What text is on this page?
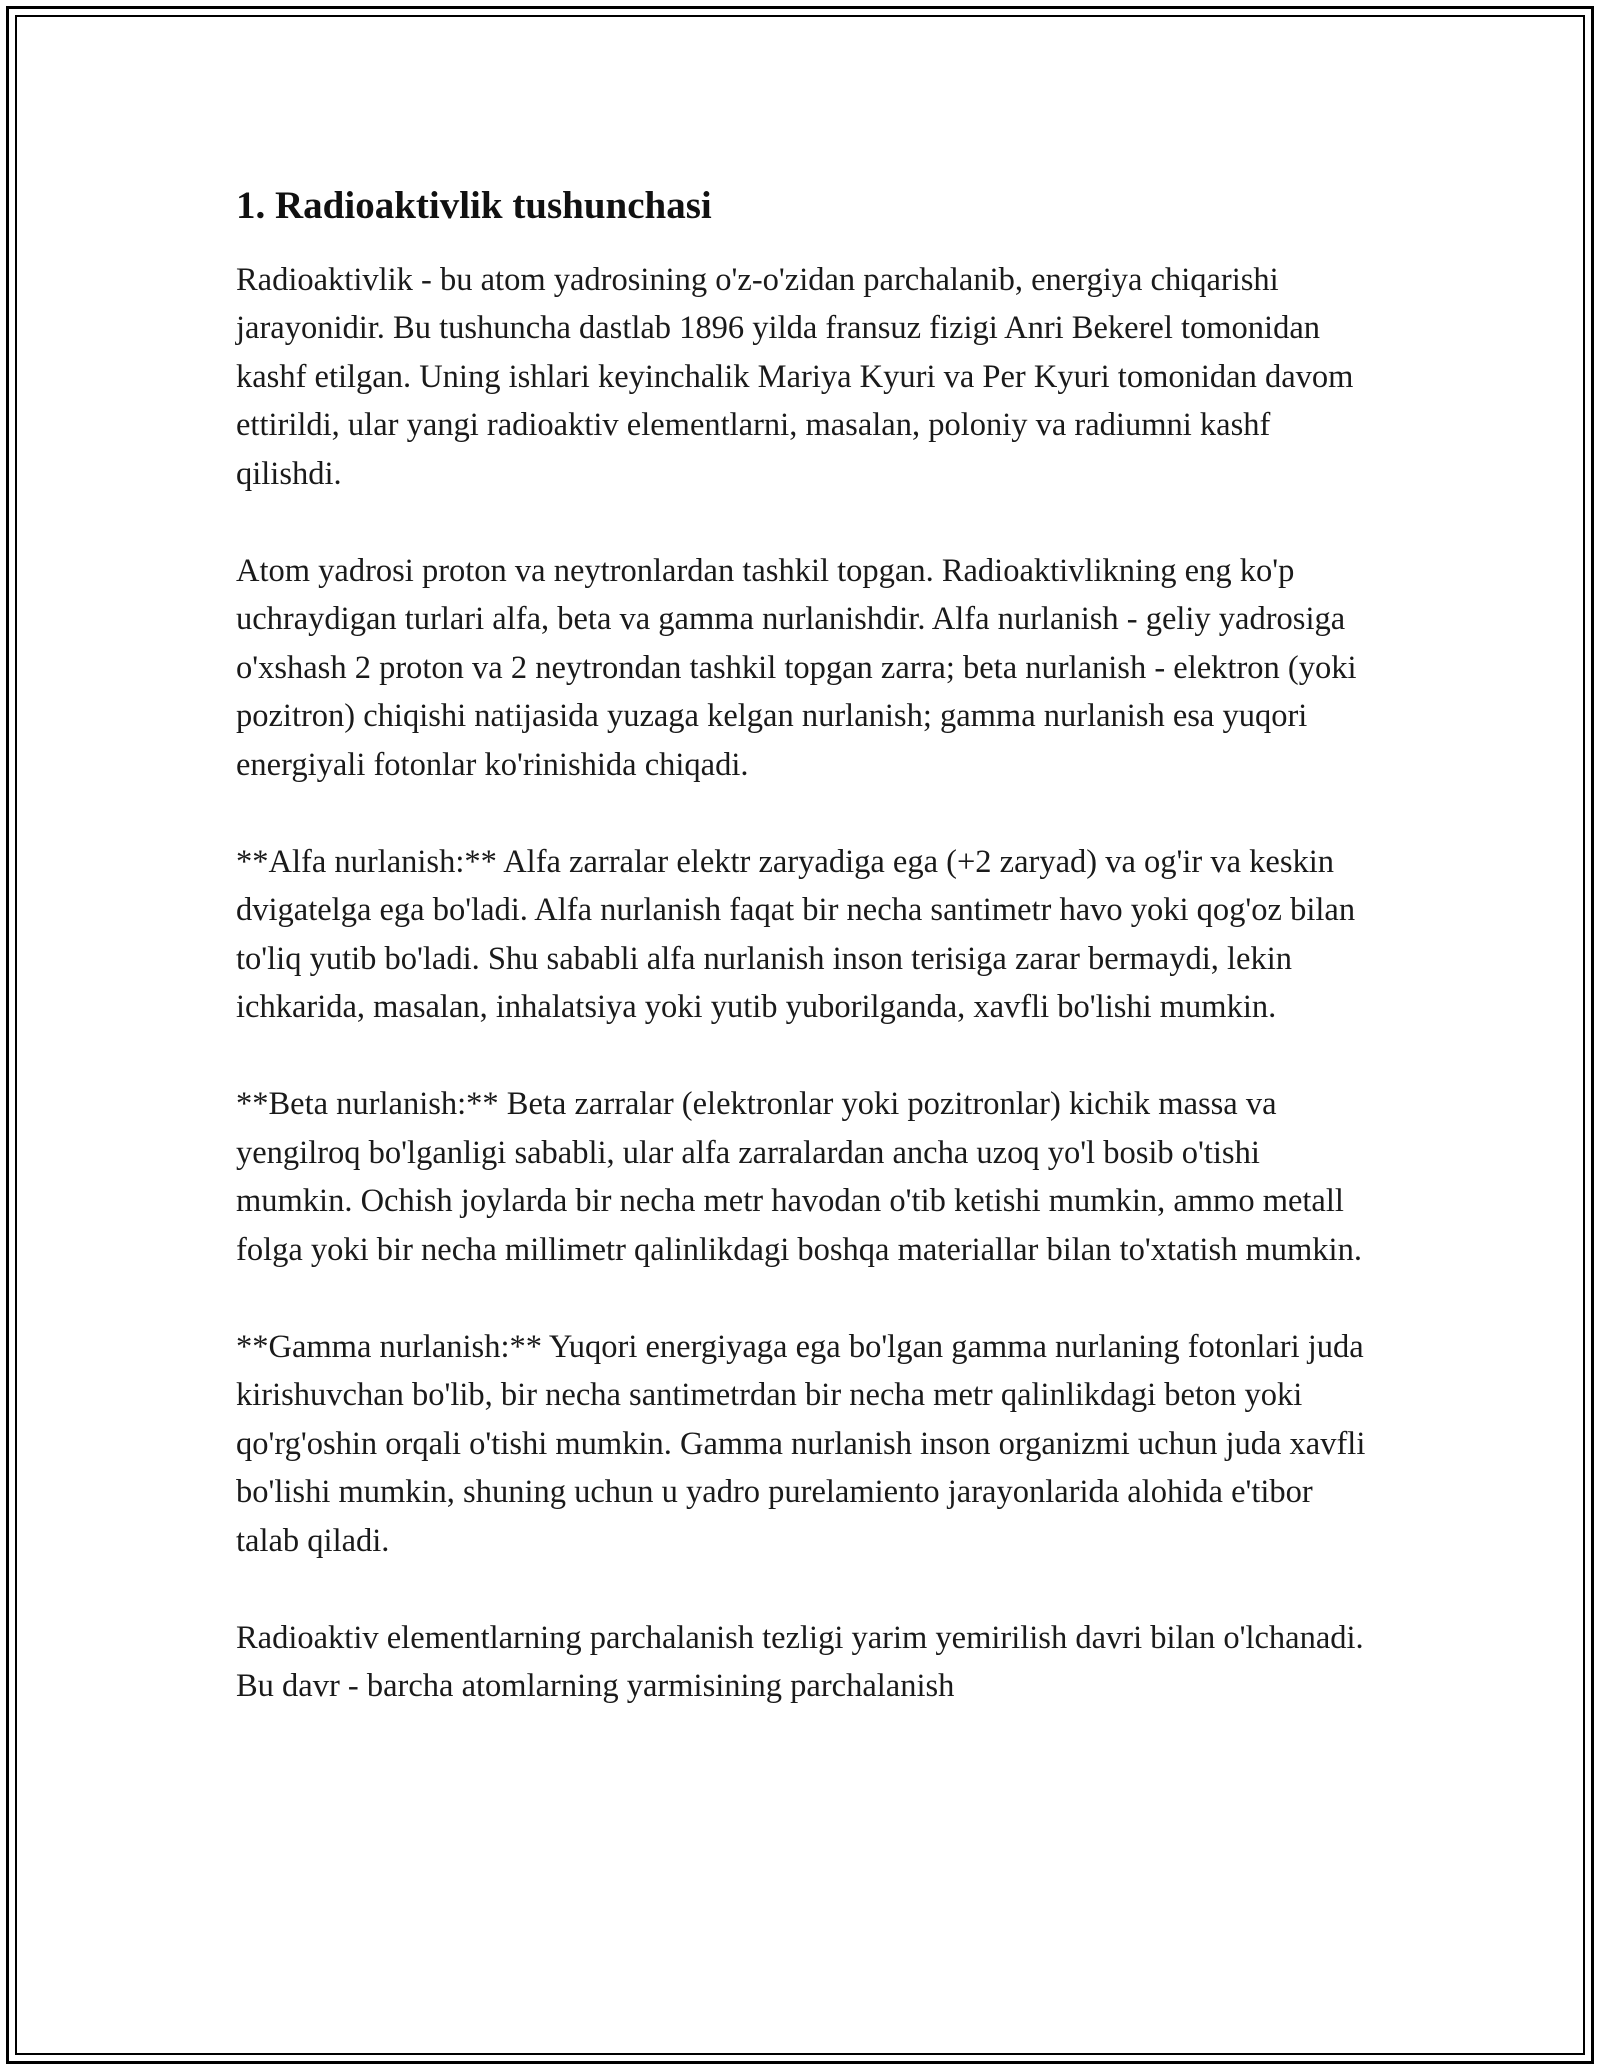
1. Radioaktivlik tushunchasi

Radioaktivlik - bu atom yadrosining o'z-o'zidan parchalanib, energiya chiqarishi jarayonidir. Bu tushuncha dastlab 1896 yilda fransuz fizigi Anri Bekerel tomonidan kashf etilgan. Uning ishlari keyinchalik Mariya Kyuri va Per Kyuri tomonidan davom ettirildi, ular yangi radioaktiv elementlarni, masalan, poloniy va radiumni kashf qilishdi.

Atom yadrosi proton va neytronlardan tashkil topgan. Radioaktivlikning eng ko'p uchraydigan turlari alfa, beta va gamma nurlanishdir. Alfa nurlanish - geliy yadrosiga o'xshash 2 proton va 2 neytrondan tashkil topgan zarra; beta nurlanish - elektron (yoki pozitron) chiqishi natijasida yuzaga kelgan nurlanish; gamma nurlanish esa yuqori energiyali fotonlar ko'rinishida chiqadi.

**Alfa nurlanish:** Alfa zarralar elektr zaryadiga ega (+2 zaryad) va og'ir va keskin dvigatelga ega bo'ladi. Alfa nurlanish faqat bir necha santimetr havo yoki qog'oz bilan to'liq yutib bo'ladi. Shu sababli alfa nurlanish inson terisiga zarar bermaydi, lekin ichkarida, masalan, inhalatsiya yoki yutib yuborilganda, xavfli bo'lishi mumkin.

**Beta nurlanish:** Beta zarralar (elektronlar yoki pozitronlar) kichik massa va yengilroq bo'lganligi sababli, ular alfa zarralardan ancha uzoq yo'l bosib o'tishi mumkin. Ochish joylarda bir necha metr havodan o'tib ketishi mumkin, ammo metall folga yoki bir necha millimetr qalinlikdagi boshqa materiallar bilan to'xtatish mumkin.

**Gamma nurlanish:** Yuqori energiyaga ega bo'lgan gamma nurlaning fotonlari juda kirishuvchan bo'lib, bir necha santimetrdan bir necha metr qalinlikdagi beton yoki qo'rg'oshin orqali o'tishi mumkin. Gamma nurlanish inson organizmi uchun juda xavfli bo'lishi mumkin, shuning uchun u yadro purelamiento jarayonlarida alohida e'tibor talab qiladi.

Radioaktiv elementlarning parchalanish tezligi yarim yemirilish davri bilan o'lchanadi. Bu davr - barcha atomlarning yarmisining parchalanish
